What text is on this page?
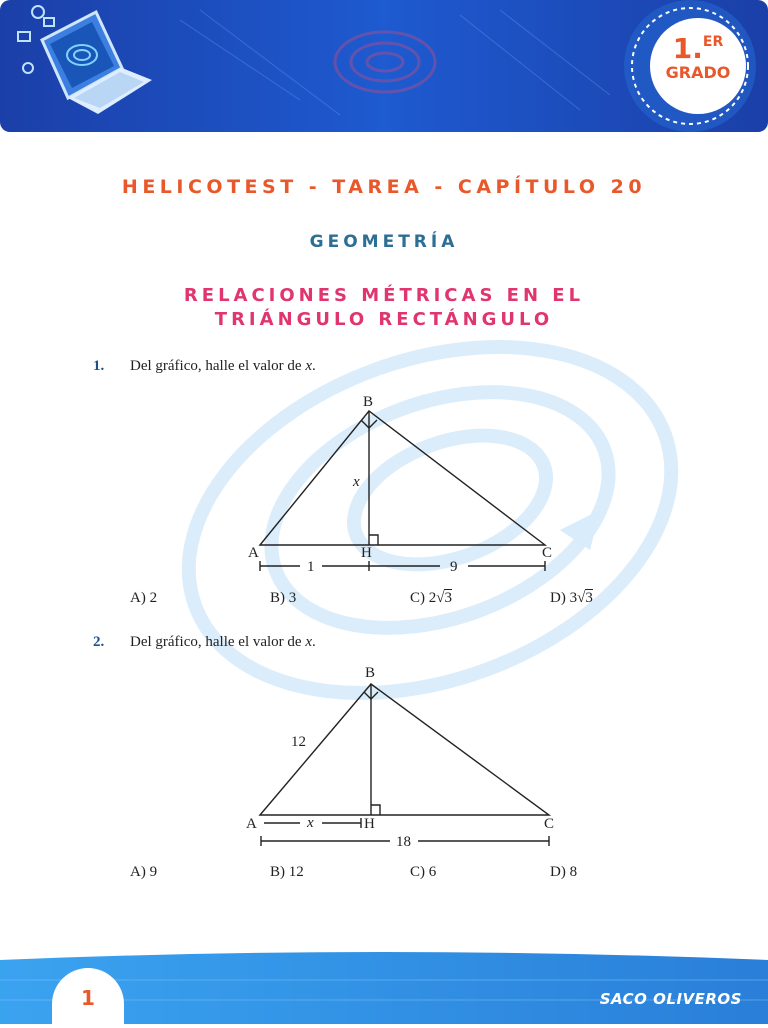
1.ER
GRADO
HELICOTEST - TAREA - CAPÍTULO 20
GEOMETRÍA
RELACIONES MÉTRICAS EN EL
TRIÁNGULO RECTÁNGULO
1. Del gráfico, halle el valor de x.
B
A	H	C
x
1	9
A) 2	B) 3	C) 2√3	D) 3√3
2. Del gráfico, halle el valor de x.
B
A	H	C
12
x
18
A) 9	B) 12	C) 6	D) 8
1	SACO OLIVEROS
